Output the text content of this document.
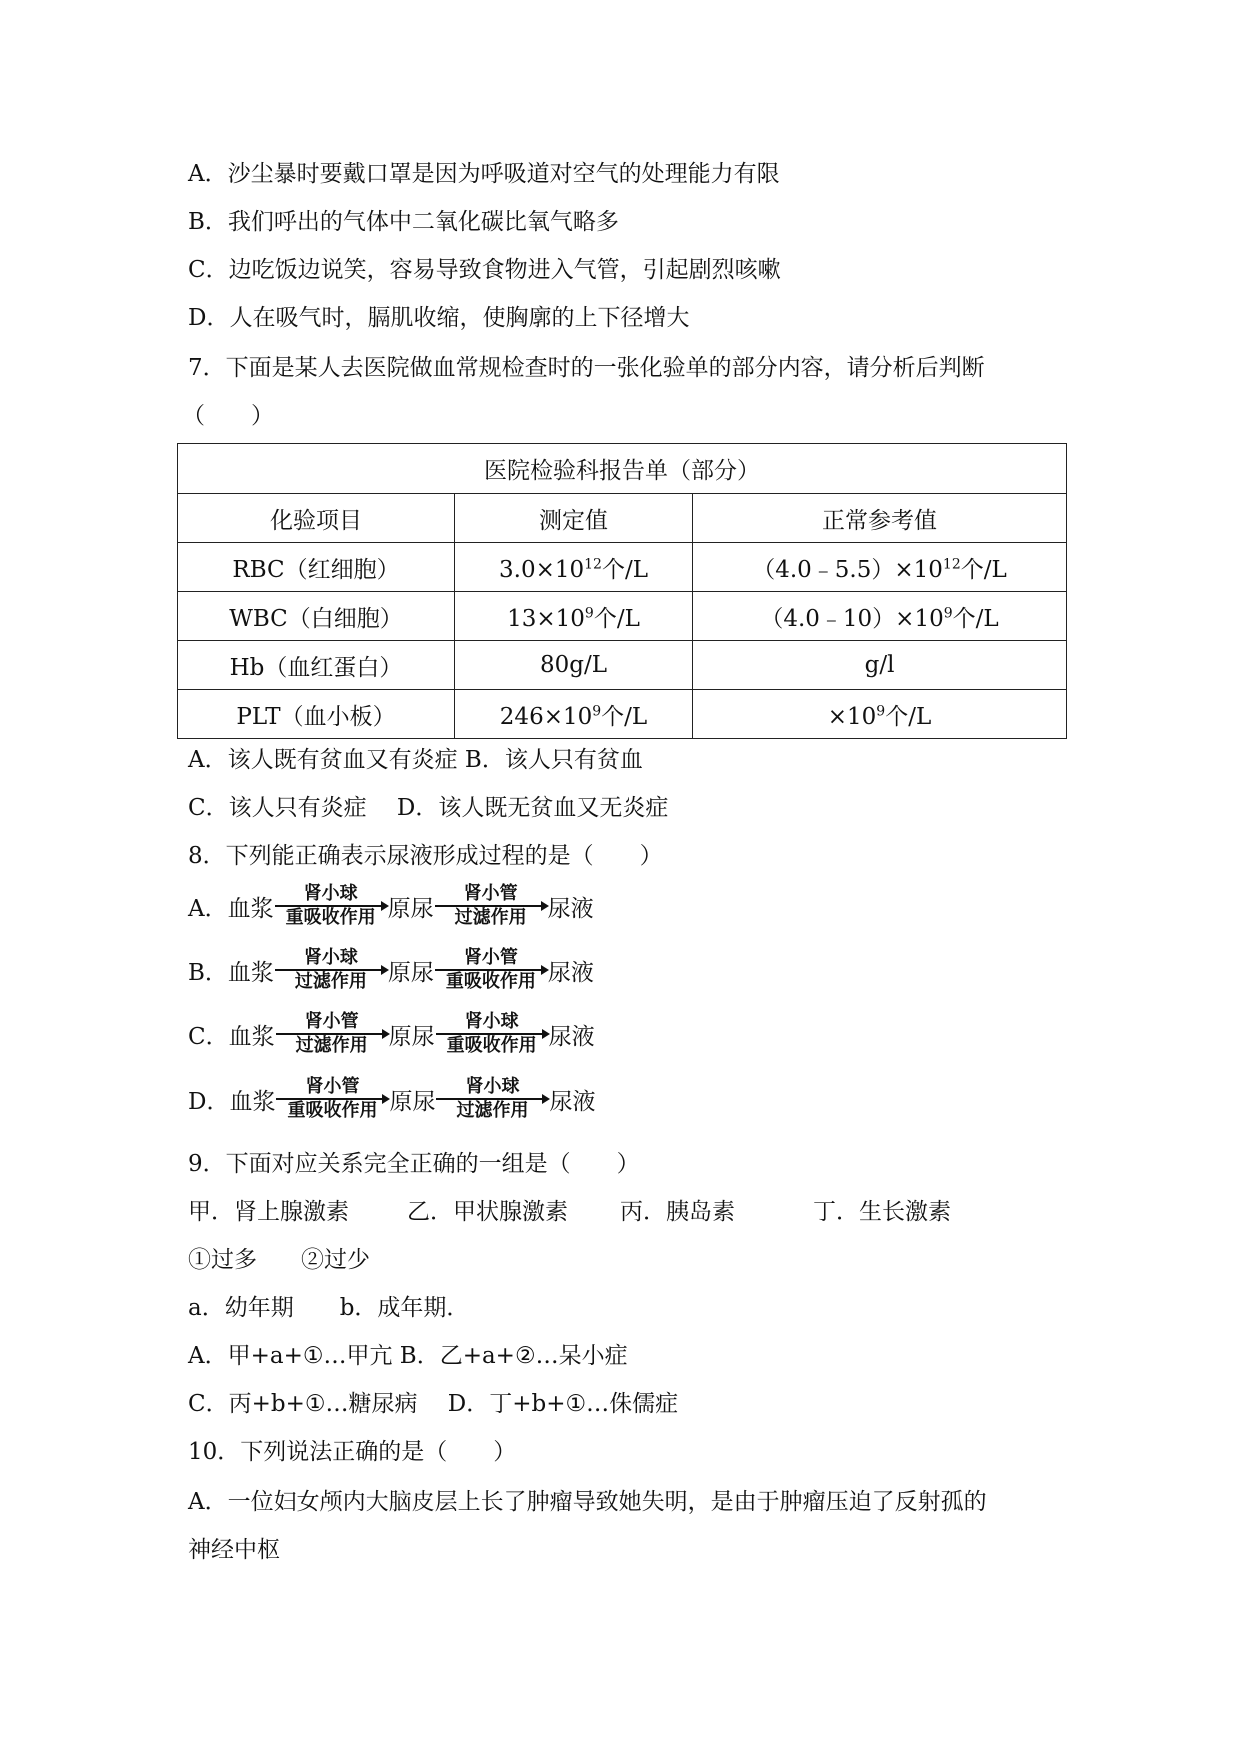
A．沙尘暴时要戴口罩是因为呼吸道对空气的处理能力有限
B．我们呼出的气体中二氧化碳比氧气略多
C．边吃饭边说笑，容易导致食物进入气管，引起剧烈咳嗽
D．人在吸气时，膈肌收缩，使胸廓的上下径增大
7．下面是某人去医院做血常规检查时的一张化验单的部分内容，请分析后判断
（　　）
医院检验科报告单（部分）		
化验项目	测定值	正常参考值
RBC（红细胞）	$3.0\times 10^{12}$个/L	$(4.0﹣5.5)\times 10^{12}$个/L
WBC（白细胞）	$13\times 10^9$个/L	$(4.0﹣10)\times 10^9$个/L
Hb（血红蛋白）	80g/L	g/l
PLT（血小板）	$246\times 10^9$个/L	$\times 10^9$个/L
A．该人既有贫血又有炎症 B．该人只有贫血
C．该人只有炎症　 D．该人既无贫血又无炎症
8．下列能正确表示尿液形成过程的是（　　）
A．血浆
肾小球
重吸收作用 原尿
肾小管
过滤作用 尿液
B．血浆
肾小球
过滤作用 原尿
肾小管
重吸收作用 尿液
C．血浆
肾小管
过滤作用 原尿
肾小球
重吸收作用 尿液
D．血浆
肾小管
重吸收作用 原尿
肾小球
过滤作用 尿液
9．下面对应关系完全正确的一组是（　　）
甲．肾上腺激素	乙．甲状腺激素 丙．胰岛素	丁．生长激素
①过多 ②过少
a．幼年期　　b．成年期．
A．甲+a+①…甲亢 B．乙+a+②…呆小症
C．丙+b+①…糖尿病　 D．丁+b+①…侏儒症
10．下列说法正确的是（　　）
A．一位妇女颅内大脑皮层上长了肿瘤导致她失明，是由于肿瘤压迫了反射孤的
神经中枢
